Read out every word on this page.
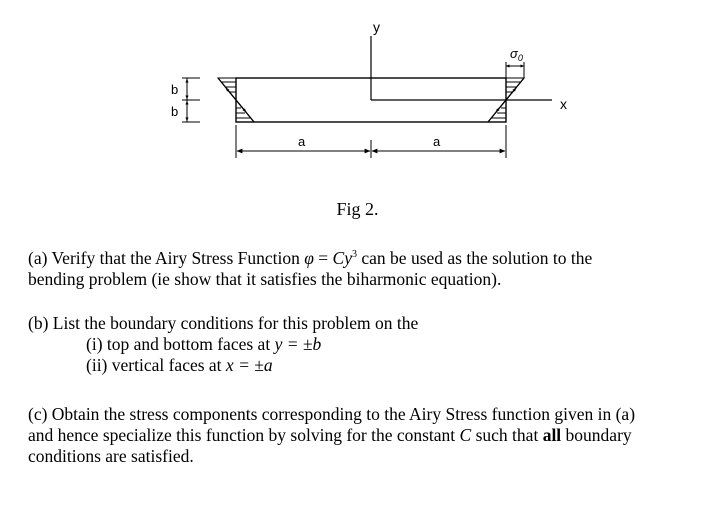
y
x
$\sigma_0$
b
b
a	a
Fig 2.
(a) Verify that the Airy Stress Function $\varphi = Cy^3$ can be used as the solution to the
bending problem (ie show that it satisfies the biharmonic equation).
(b) List the boundary conditions for this problem on the
(i) top and bottom faces at y = ±b
(ii) vertical faces at x = ±a
(c) Obtain the stress components corresponding to the Airy Stress function given in (a)
and hence specialize this function by solving for the constant C such that all boundary
conditions are satisfied.
